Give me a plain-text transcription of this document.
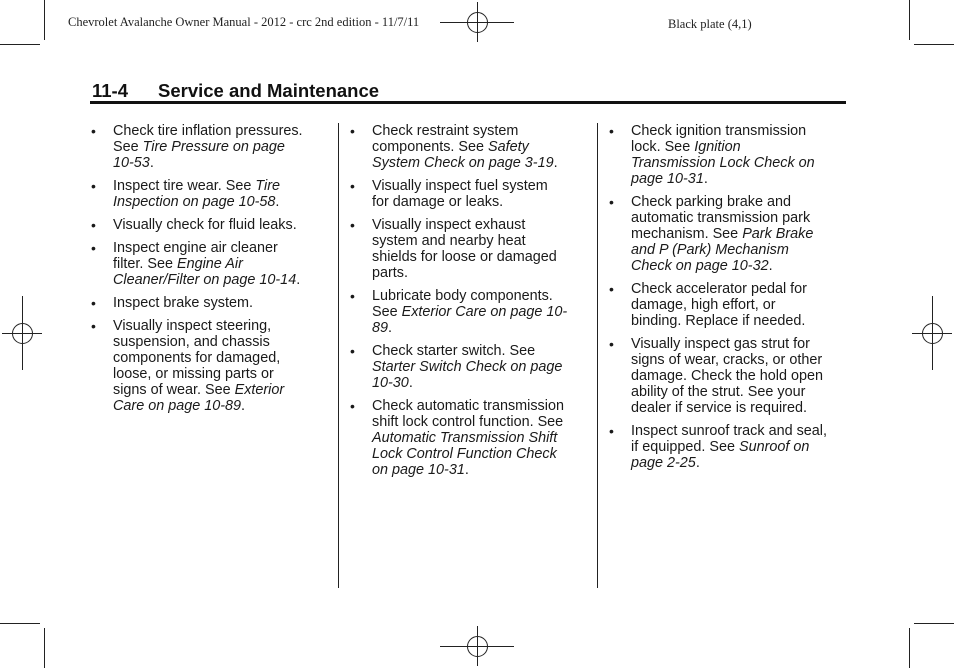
Chevrolet Avalanche Owner Manual - 2012 - crc 2nd edition - 11/7/11	Black plate (4,1)
11-4 Service and Maintenance
• Check tire inflation pressures. See Tire Pressure on page 10-53.
• Inspect tire wear. See Tire Inspection on page 10-58.
• Visually check for fluid leaks.
• Inspect engine air cleaner filter. See Engine Air Cleaner/Filter on page 10-14.
• Inspect brake system.
• Visually inspect steering, suspension, and chassis components for damaged, loose, or missing parts or signs of wear. See Exterior Care on page 10-89.
• Check restraint system components. See Safety System Check on page 3-19.
• Visually inspect fuel system for damage or leaks.
• Visually inspect exhaust system and nearby heat shields for loose or damaged parts.
• Lubricate body components. See Exterior Care on page 10-89.
• Check starter switch. See Starter Switch Check on page 10-30.
• Check automatic transmission shift lock control function. See Automatic Transmission Shift Lock Control Function Check on page 10-31.
• Check ignition transmission lock. See Ignition Transmission Lock Check on page 10-31.
• Check parking brake and automatic transmission park mechanism. See Park Brake and P (Park) Mechanism Check on page 10-32.
• Check accelerator pedal for damage, high effort, or binding. Replace if needed.
• Visually inspect gas strut for signs of wear, cracks, or other damage. Check the hold open ability of the strut. See your dealer if service is required.
• Inspect sunroof track and seal, if equipped. See Sunroof on page 2-25.
